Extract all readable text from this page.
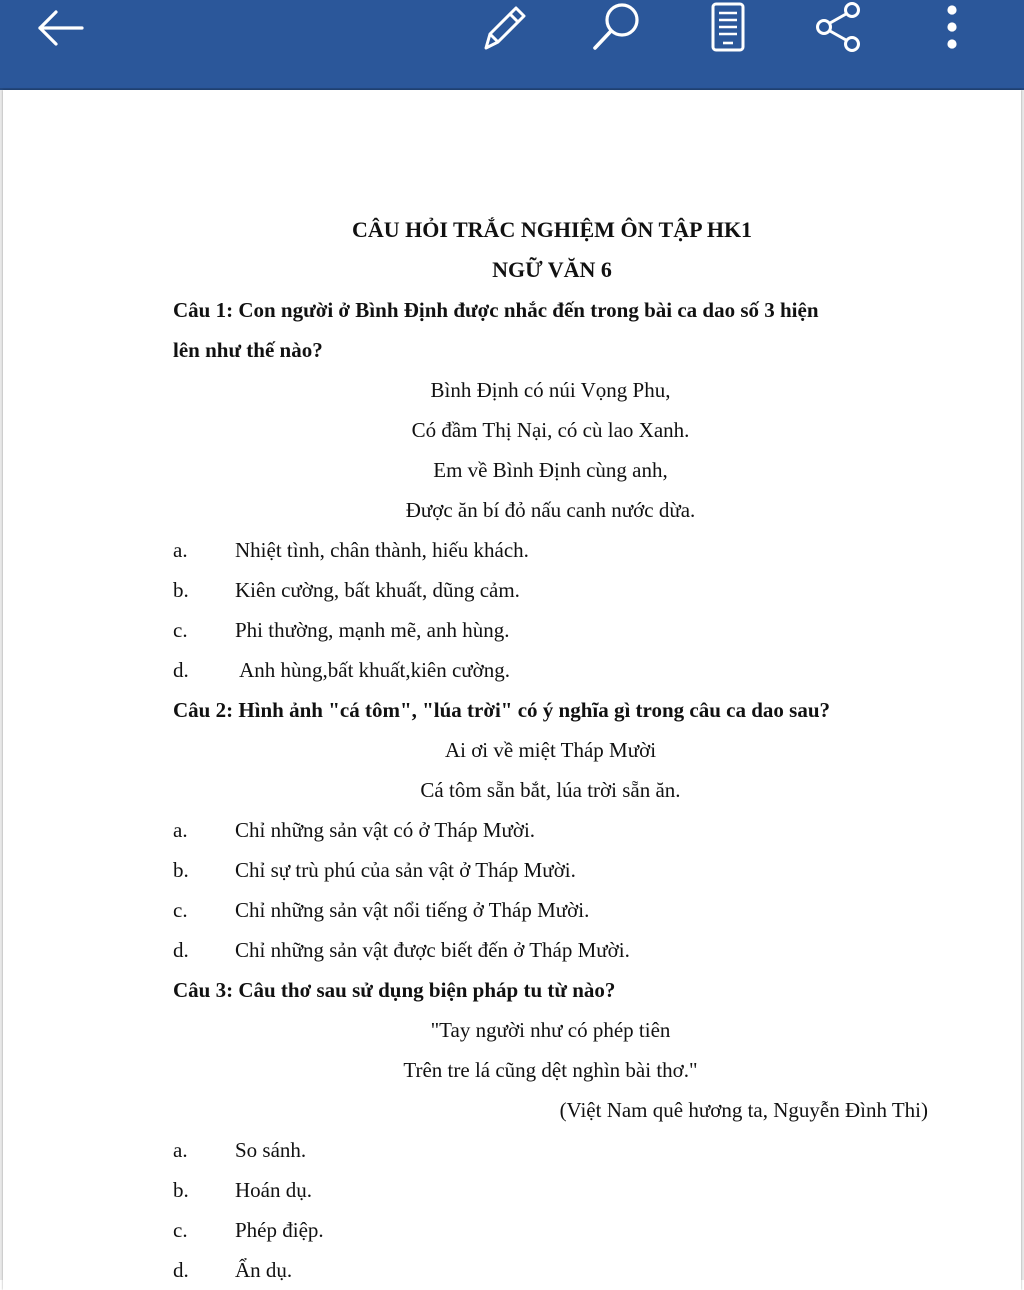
CÂU HỎI TRẮC NGHIỆM ÔN TẬP HK1
NGỮ VĂN 6
Câu 1: Con người ở Bình Định được nhắc đến trong bài ca dao số 3 hiện
lên như thế nào?
Bình Định có núi Vọng Phu,
Có đầm Thị Nại, có cù lao Xanh.
Em về Bình Định cùng anh,
Được ăn bí đỏ nấu canh nước dừa.
a. Nhiệt tình, chân thành, hiếu khách.
b. Kiên cường, bất khuất, dũng cảm.
c. Phi thường, mạnh mẽ, anh hùng.
d. Anh hùng,bất khuất,kiên cường.
Câu 2: Hình ảnh "cá tôm", "lúa trời" có ý nghĩa gì trong câu ca dao sau?
Ai ơi về miệt Tháp Mười
Cá tôm sẵn bắt, lúa trời sẵn ăn.
a. Chỉ những sản vật có ở Tháp Mười.
b. Chỉ sự trù phú của sản vật ở Tháp Mười.
c. Chỉ những sản vật nổi tiếng ở Tháp Mười.
d. Chỉ những sản vật được biết đến ở Tháp Mười.
Câu 3: Câu thơ sau sử dụng biện pháp tu từ nào?
"Tay người như có phép tiên
Trên tre lá cũng dệt nghìn bài thơ."
(Việt Nam quê hương ta, Nguyễn Đình Thi)
a. So sánh.
b. Hoán dụ.
c. Phép điệp.
d. Ẩn dụ.
